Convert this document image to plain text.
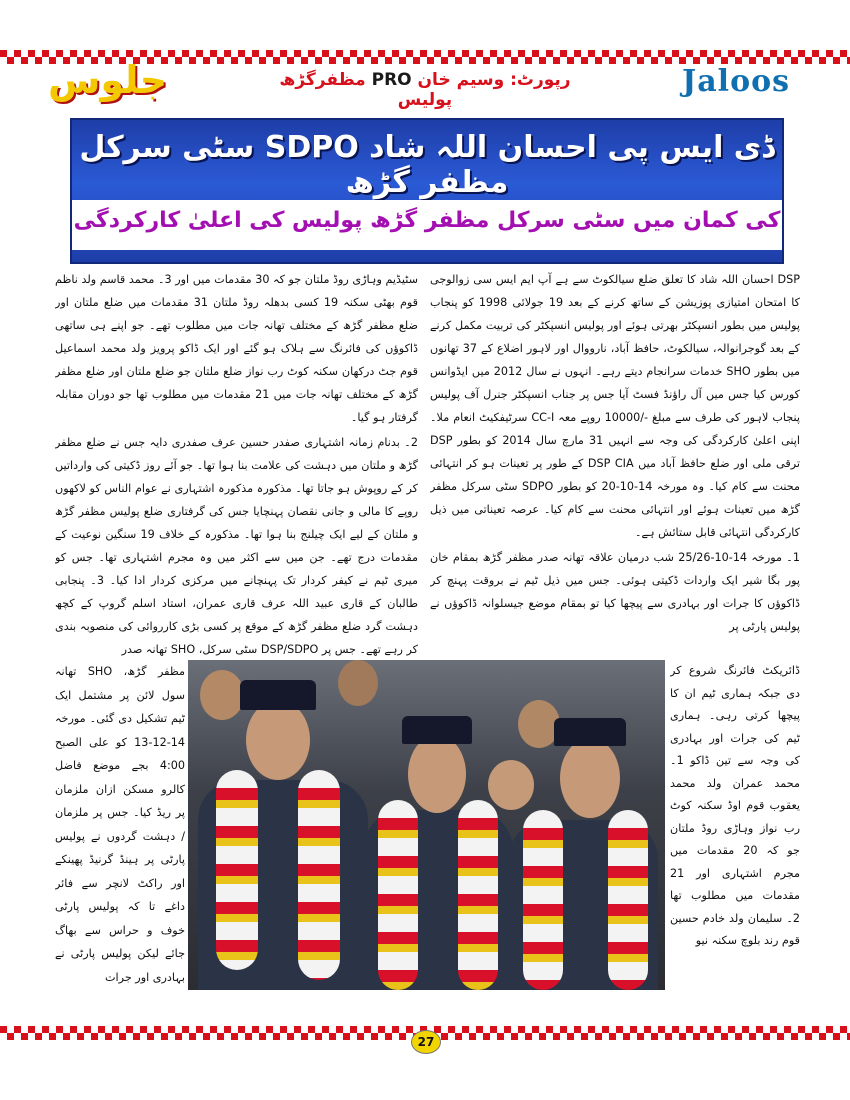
جلوس	رپورٹ: وسیم خان PRO مظفرگڑھ پولیس
Jaloos
ڈی ایس پی احسان اللہ شاد SDPO سٹی سرکل مظفر گڑھ
کی کمان میں سٹی سرکل مظفر گڑھ پولیس کی اعلیٰ کارکردگی

DSP احسان اللہ شاد کا تعلق ضلع سیالکوٹ سے ہے آپ ایم ایس سی زوالوجی کا امتحان امتیازی پوزیشن کے ساتھ کرنے کے بعد 19 جولائی 1998 کو پنجاب پولیس میں بطور انسپکٹر بھرتی ہوئے اور پولیس انسپکٹر کی تربیت مکمل کرنے کے بعد گوجرانوالہ، سیالکوٹ، حافظ آباد، نارووال اور لاہور اضلاع کے 37 تھانوں میں بطور SHO خدمات سرانجام دیتے رہے۔ انہوں نے سال 2012 میں ایڈوانس کورس کیا جس میں آل راؤنڈ فسٹ آیا جس پر جناب انسپکٹر جنرل آف پولیس پنجاب لاہور کی طرف سے مبلغ -/10000 روپے معہ CC-I سرٹیفکیٹ انعام ملا۔ اپنی اعلیٰ کارکردگی کی وجہ سے انہیں 31 مارچ سال 2014 کو بطور DSP ترقی ملی اور ضلع حافظ آباد میں DSP CIA کے طور پر تعینات ہو کر انتہائی محنت سے کام کیا۔ وہ مورخہ 14-10-20 کو بطور SDPO سٹی سرکل مظفر گڑھ میں تعینات ہوئے اور انتہائی محنت سے کام کیا۔ عرصہ تعیناتی میں ذیل کارکردگی انتہائی قابل ستائش ہے۔

1۔ مورخہ 14-10-25/26 شب درمیان علاقہ تھانہ صدر مظفر گڑھ بمقام خان پور بگا شیر ایک واردات ڈکیتی ہوئی۔ جس میں ذیل ٹیم نے بروقت پہنچ کر ڈاکوؤں کا جرات اور بہادری سے پیچھا کیا تو بمقام موضع جیسلوانہ ڈاکوؤں نے پولیس پارٹی پر

سٹیڈیم وہاڑی روڈ ملتان جو کہ 30 مقدمات میں اور 3۔ محمد قاسم ولد ناظم قوم بھٹی سکنہ 19 کسی بدھلہ روڈ ملتان 31 مقدمات میں ضلع ملتان اور ضلع مظفر گڑھ کے مختلف تھانہ جات میں مطلوب تھے۔ جو اپنے ہی ساتھی ڈاکوؤں کی فائرنگ سے ہلاک ہو گئے اور ایک ڈاکو پرویز ولد محمد اسماعیل قوم جٹ درکھان سکنہ کوٹ رب نواز ضلع ملتان جو ضلع ملتان اور ضلع مظفر گڑھ کے مختلف تھانہ جات میں 21 مقدمات میں مطلوب تھا جو دوران مقابلہ گرفتار ہو گیا۔

2۔ بدنام زمانہ اشتہاری صفدر حسین عرف صفدری دایہ جس نے ضلع مظفر گڑھ و ملتان میں دہشت کی علامت بنا ہوا تھا۔ جو آئے روز ڈکیتی کی وارداتیں کر کے روپوش ہو جاتا تھا۔ مذکورہ مذکورہ اشتہاری نے عوام الناس کو لاکھوں روپے کا مالی و جانی نقصان پہنچایا جس کی گرفتاری ضلع پولیس مظفر گڑھ و ملتان کے لیے ایک چیلنج بنا ہوا تھا۔ مذکورہ کے خلاف 19 سنگین نوعیت کے مقدمات درج تھے۔ جن میں سے اکثر میں وہ مجرم اشتہاری تھا۔ جس کو میری ٹیم نے کیفر کردار تک پہنچانے میں مرکزی کردار ادا کیا۔ 3۔ پنجابی طالبان کے قاری عبید اللہ عرف قاری عمران، استاد اسلم گروپ کے کچھ دہشت گرد ضلع مظفر گڑھ کے موقع پر کسی بڑی کارروائی کی منصوبہ بندی کر رہے تھے۔ جس پر DSP/SDPO سٹی سرکل، SHO تھانہ صدر

مظفر گڑھ، SHO تھانہ سول لائن پر مشتمل ایک ٹیم تشکیل دی گئی۔ مورخہ 14-12-13 کو علی الصبح 4:00 بجے موضع فاضل کالرو مسکن ازان ملزمان پر ریڈ کیا۔ جس پر ملزمان / دہشت گردوں نے پولیس پارٹی پر ہینڈ گرنیڈ پھینکے اور راکٹ لانچر سے فائر داغے تا کہ پولیس پارٹی خوف و حراس سے بھاگ جائے لیکن پولیس پارٹی نے بہادری اور جرات

ڈائریکٹ فائرنگ شروع کر دی جبکہ ہماری ٹیم ان کا پیچھا کرتی رہی۔ ہماری ٹیم کی جرات اور بہادری کی وجہ سے تین ڈاکو 1۔ محمد عمران ولد محمد یعقوب قوم اوڈ سکنہ کوٹ رب نواز وہاڑی روڈ ملتان جو کہ 20 مقدمات میں مجرم اشتہاری اور 21 مقدمات میں مطلوب تھا 2۔ سلیمان ولد خادم حسین قوم رند بلوچ سکنہ نیو

27
